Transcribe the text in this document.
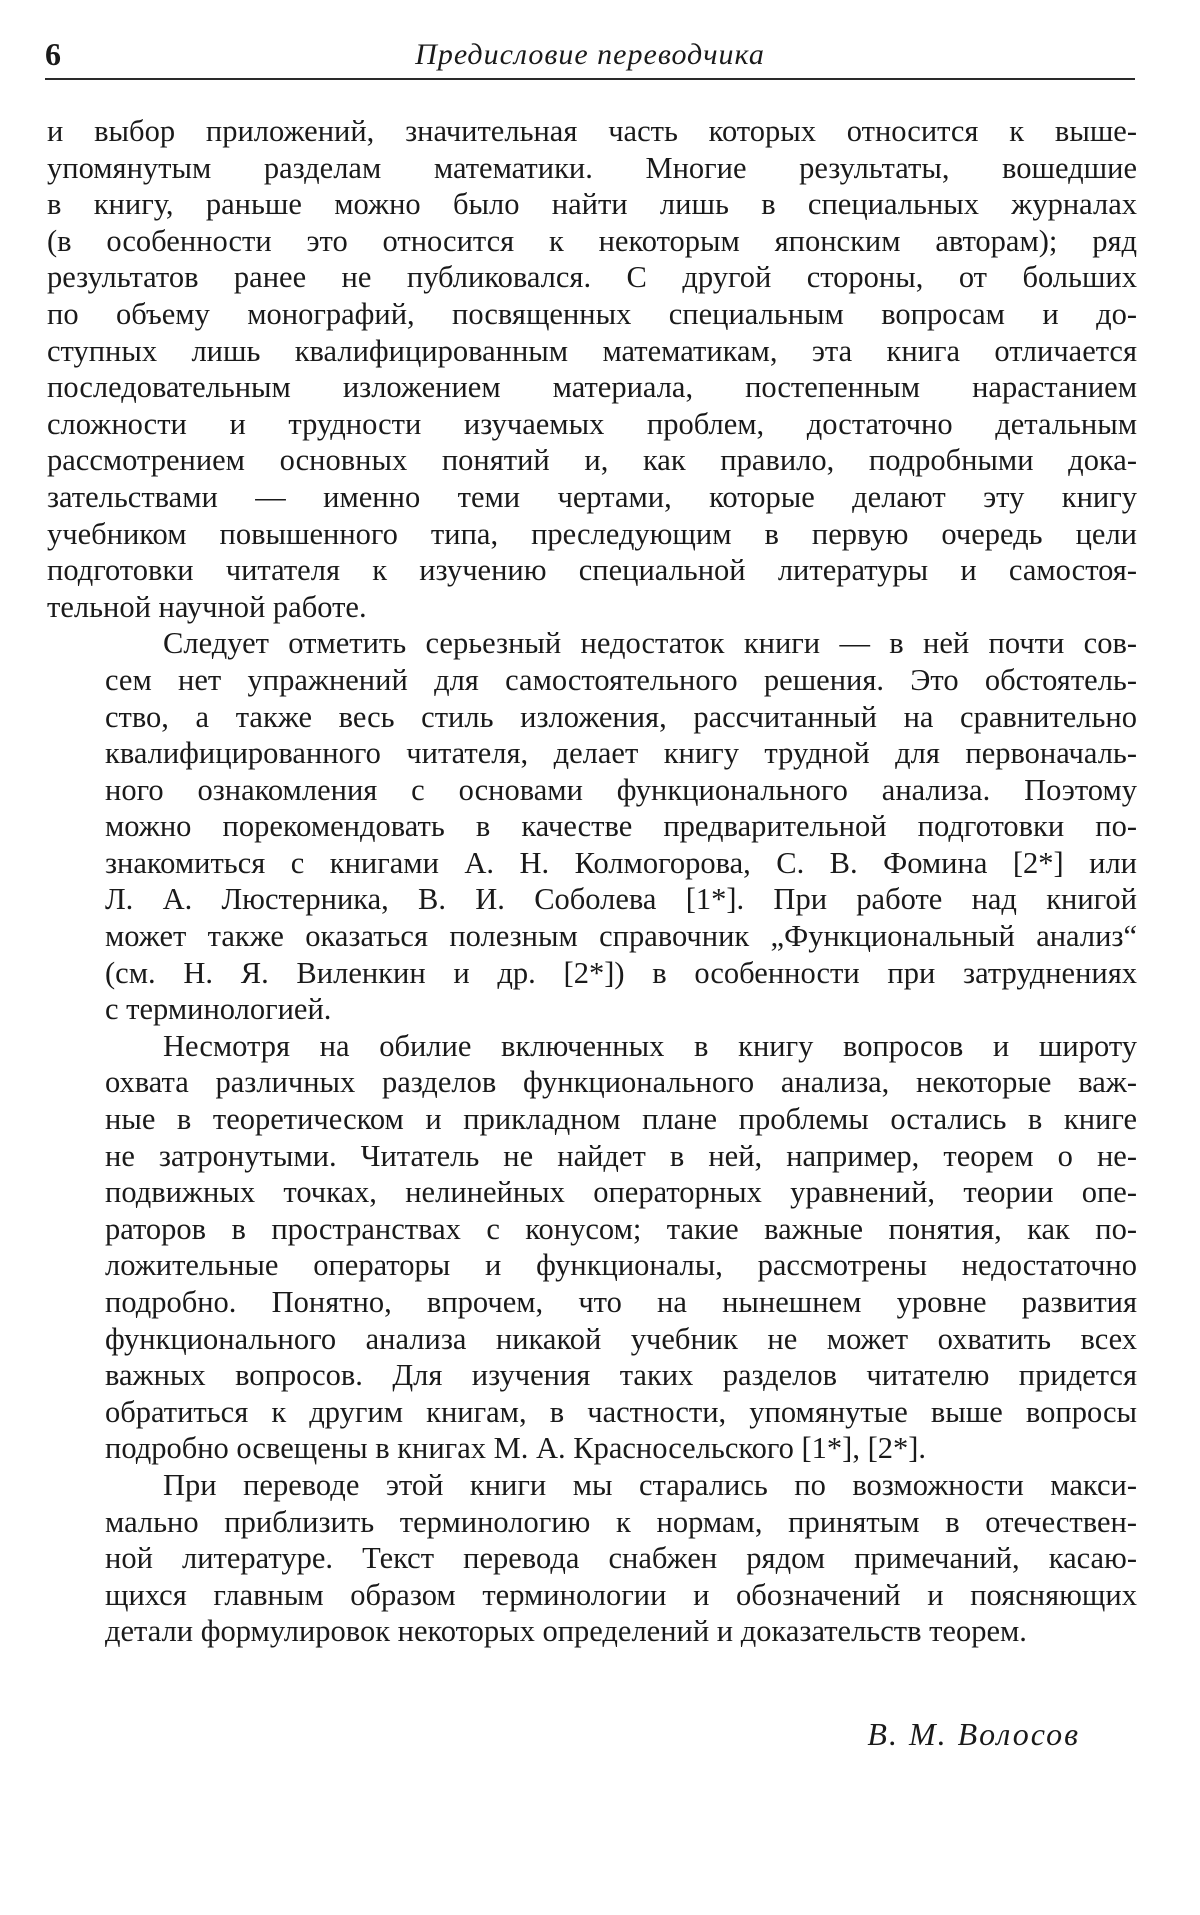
6	Предисловие переводчика
и выбор приложений, значительная часть которых относится к выше-
упомянутым разделам математики. Многие результаты, вошедшие
в книгу, раньше можно было найти лишь в специальных журналах
(в особенности это относится к некоторым японским авторам); ряд
результатов ранее не публиковался. С другой стороны, от больших
по объему монографий, посвященных специальным вопросам и до-
ступных лишь квалифицированным математикам, эта книга отличается
последовательным изложением материала, постепенным нарастанием
сложности и трудности изучаемых проблем, достаточно детальным
рассмотрением основных понятий и, как правило, подробными дока-
зательствами — именно теми чертами, которые делают эту книгу
учебником повышенного типа, преследующим в первую очередь цели
подготовки читателя к изучению специальной литературы и самостоя-
тельной научной работе.
Следует отметить серьезный недостаток книги — в ней почти сов-
сем нет упражнений для самостоятельного решения. Это обстоятель-
ство, а также весь стиль изложения, рассчитанный на сравнительно
квалифицированного читателя, делает книгу трудной для первоначаль-
ного ознакомления с основами функционального анализа. Поэтому
можно порекомендовать в качестве предварительной подготовки по-
знакомиться с книгами А. Н. Колмогорова, С. В. Фомина [2*] или
Л. А. Люстерника, В. И. Соболева [1*]. При работе над книгой
может также оказаться полезным справочник „Функциональный анализ“
(см. Н. Я. Виленкин и др. [2*]) в особенности при затруднениях
с терминологией.
Несмотря на обилие включенных в книгу вопросов и широту
охвата различных разделов функционального анализа, некоторые важ-
ные в теоретическом и прикладном плане проблемы остались в книге
не затронутыми. Читатель не найдет в ней, например, теорем о не-
подвижных точках, нелинейных операторных уравнений, теории опе-
раторов в пространствах с конусом; такие важные понятия, как по-
ложительные операторы и функционалы, рассмотрены недостаточно
подробно. Понятно, впрочем, что на нынешнем уровне развития
функционального анализа никакой учебник не может охватить всех
важных вопросов. Для изучения таких разделов читателю придется
обратиться к другим книгам, в частности, упомянутые выше вопросы
подробно освещены в книгах М. А. Красносельского [1*], [2*].
При переводе этой книги мы старались по возможности макси-
мально приблизить терминологию к нормам, принятым в отечествен-
ной литературе. Текст перевода снабжен рядом примечаний, касаю-
щихся главным образом терминологии и обозначений и поясняющих
детали формулировок некоторых определений и доказательств теорем.
В. М. Волосов
